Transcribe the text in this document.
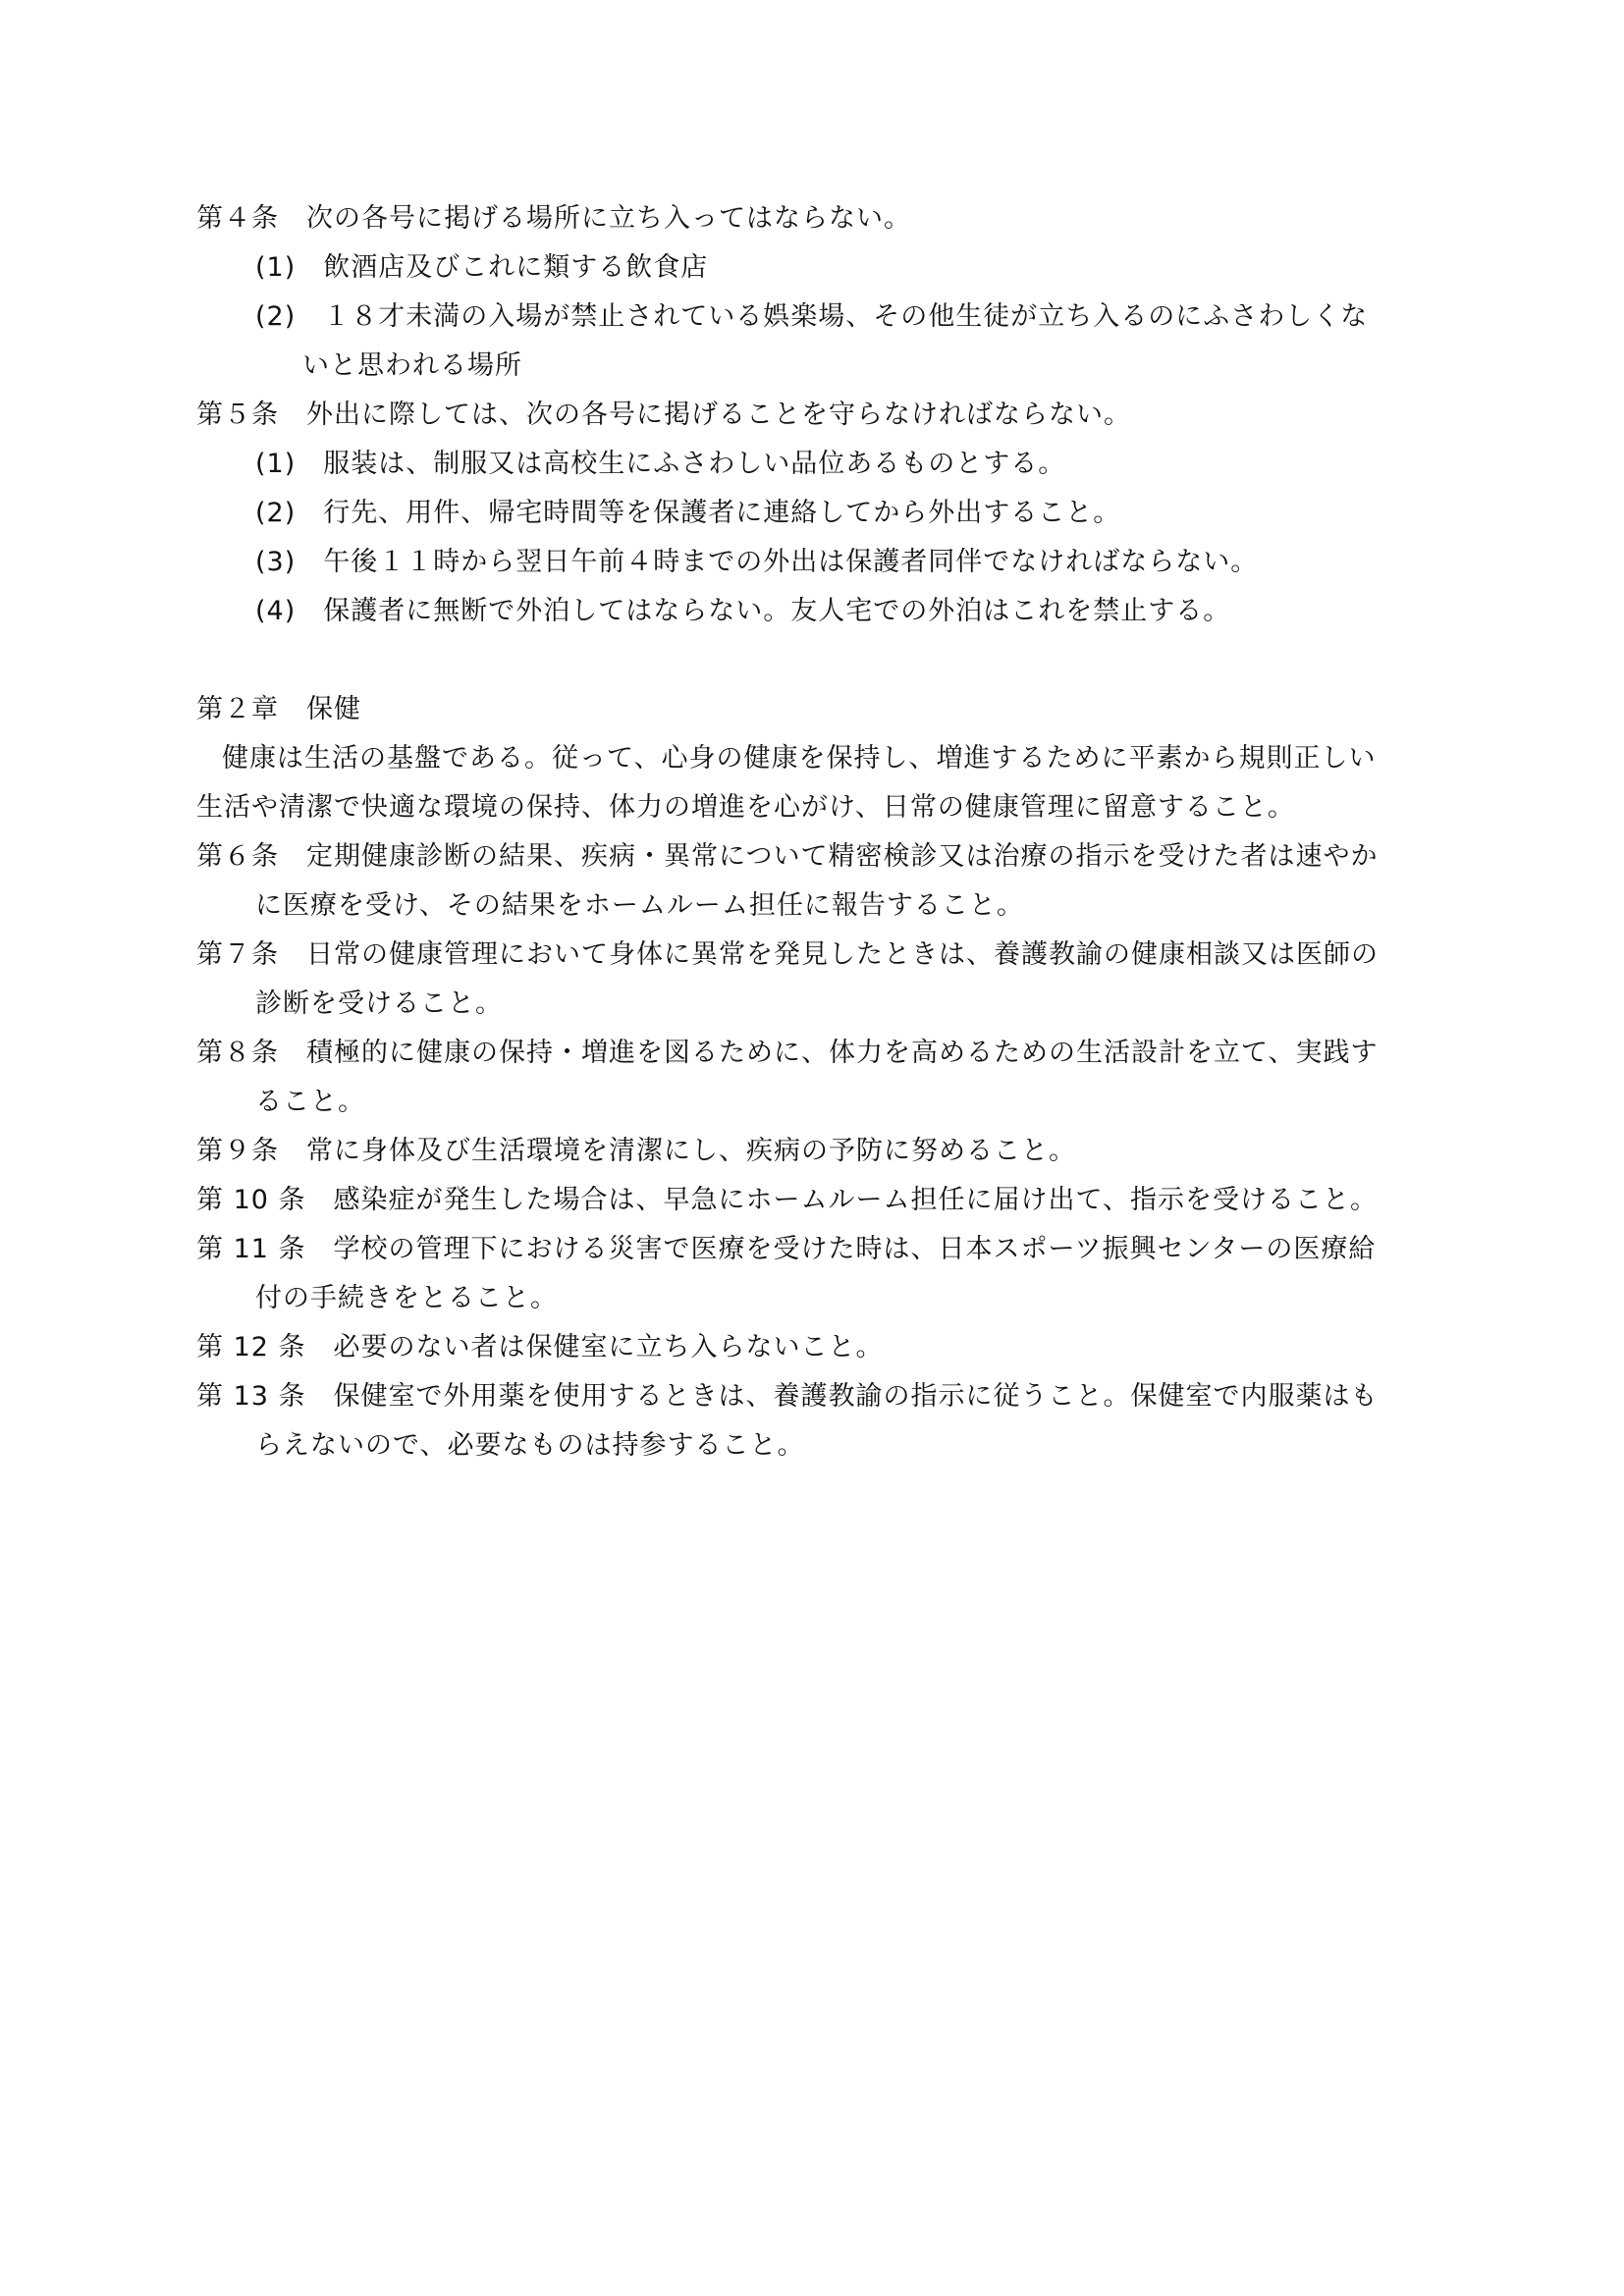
第４条　次の各号に掲げる場所に立ち入ってはならない。
(1)　飲酒店及びこれに類する飲食店
(2)　１８才未満の入場が禁止されている娯楽場、その他生徒が立ち入るのにふさわしくな
いと思われる場所
第５条　外出に際しては、次の各号に掲げることを守らなければならない。
(1)　服装は、制服又は高校生にふさわしい品位あるものとする。
(2)　行先、用件、帰宅時間等を保護者に連絡してから外出すること。
(3)　午後１１時から翌日午前４時までの外出は保護者同伴でなければならない。
(4)　保護者に無断で外泊してはならない。友人宅での外泊はこれを禁止する。
第２章　保健
健康は生活の基盤である。従って、心身の健康を保持し、増進するために平素から規則正しい
生活や清潔で快適な環境の保持、体力の増進を心がけ、日常の健康管理に留意すること。
第６条　定期健康診断の結果、疾病・異常について精密検診又は治療の指示を受けた者は速やか
に医療を受け、その結果をホームルーム担任に報告すること。
第７条　日常の健康管理において身体に異常を発見したときは、養護教諭の健康相談又は医師の
診断を受けること。
第８条　積極的に健康の保持・増進を図るために、体力を高めるための生活設計を立て、実践す
ること。
第９条　常に身体及び生活環境を清潔にし、疾病の予防に努めること。
第 10 条　感染症が発生した場合は、早急にホームルーム担任に届け出て、指示を受けること。
第 11 条　学校の管理下における災害で医療を受けた時は、日本スポーツ振興センターの医療給
付の手続きをとること。
第 12 条　必要のない者は保健室に立ち入らないこと。
第 13 条　保健室で外用薬を使用するときは、養護教諭の指示に従うこと。保健室で内服薬はも
らえないので、必要なものは持参すること。
